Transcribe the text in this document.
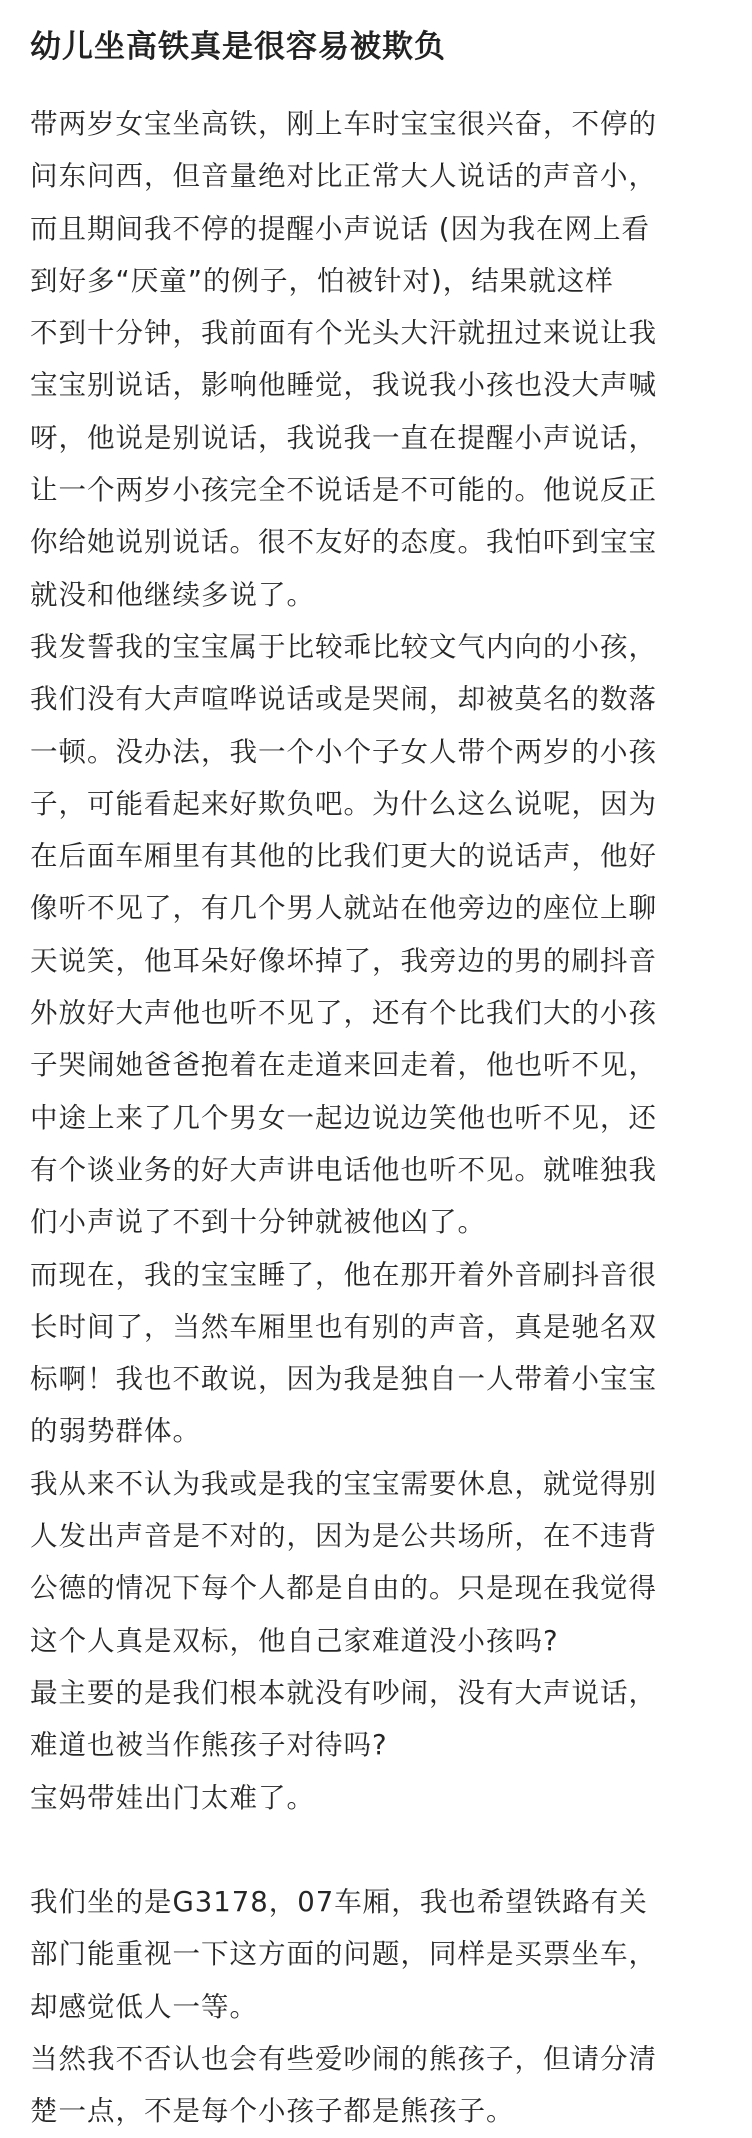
幼儿坐高铁真是很容易被欺负
带两岁女宝坐高铁，刚上车时宝宝很兴奋，不停的
问东问西，但音量绝对比正常大人说话的声音小，
而且期间我不停的提醒小声说话 (因为我在网上看
到好多“厌童”的例子，怕被针对)，结果就这样
不到十分钟，我前面有个光头大汗就扭过来说让我
宝宝别说话，影响他睡觉，我说我小孩也没大声喊
呀，他说是别说话，我说我一直在提醒小声说话，
让一个两岁小孩完全不说话是不可能的。他说反正
你给她说别说话。很不友好的态度。我怕吓到宝宝
就没和他继续多说了。
我发誓我的宝宝属于比较乖比较文气内向的小孩，
我们没有大声喧哗说话或是哭闹，却被莫名的数落
一顿。没办法，我一个小个子女人带个两岁的小孩
子，可能看起来好欺负吧。为什么这么说呢，因为
在后面车厢里有其他的比我们更大的说话声，他好
像听不见了，有几个男人就站在他旁边的座位上聊
天说笑，他耳朵好像坏掉了，我旁边的男的刷抖音
外放好大声他也听不见了，还有个比我们大的小孩
子哭闹她爸爸抱着在走道来回走着，他也听不见，
中途上来了几个男女一起边说边笑他也听不见，还
有个谈业务的好大声讲电话他也听不见。就唯独我
们小声说了不到十分钟就被他凶了。
而现在，我的宝宝睡了，他在那开着外音刷抖音很
长时间了，当然车厢里也有别的声音，真是驰名双
标啊！我也不敢说，因为我是独自一人带着小宝宝
的弱势群体。
我从来不认为我或是我的宝宝需要休息，就觉得别
人发出声音是不对的，因为是公共场所，在不违背
公德的情况下每个人都是自由的。只是现在我觉得
这个人真是双标，他自己家难道没小孩吗?
最主要的是我们根本就没有吵闹，没有大声说话，
难道也被当作熊孩子对待吗?
宝妈带娃出门太难了。
我们坐的是G3178，07车厢，我也希望铁路有关
部门能重视一下这方面的问题，同样是买票坐车，
却感觉低人一等。
当然我不否认也会有些爱吵闹的熊孩子，但请分清
楚一点，不是每个小孩子都是熊孩子。
